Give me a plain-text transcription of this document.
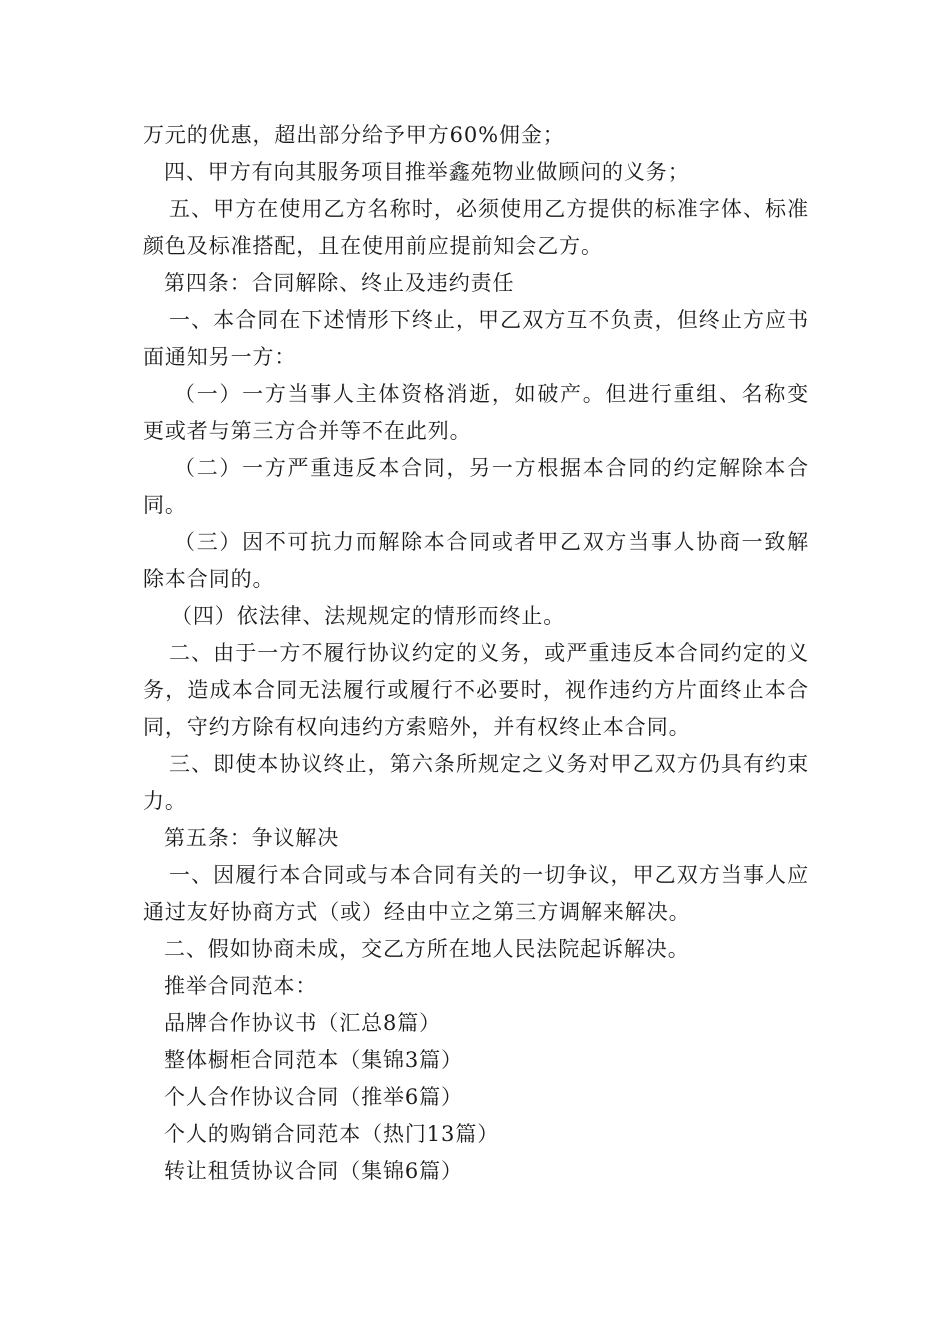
万元的优惠，超出部分给予甲方60%佣金；

四、甲方有向其服务项目推举鑫苑物业做顾问的义务；

五、甲方在使用乙方名称时，必须使用乙方提供的标准字体、标准颜色及标准搭配，且在使用前应提前知会乙方。

第四条：合同解除、终止及违约责任

一、本合同在下述情形下终止，甲乙双方互不负责，但终止方应书面通知另一方：

（一）一方当事人主体资格消逝，如破产。但进行重组、名称变更或者与第三方合并等不在此列。

（二）一方严重违反本合同，另一方根据本合同的约定解除本合同。

（三）因不可抗力而解除本合同或者甲乙双方当事人协商一致解除本合同的。

（四）依法律、法规规定的情形而终止。

二、由于一方不履行协议约定的义务，或严重违反本合同约定的义务，造成本合同无法履行或履行不必要时，视作违约方片面终止本合同，守约方除有权向违约方索赔外，并有权终止本合同。

三、即使本协议终止，第六条所规定之义务对甲乙双方仍具有约束力。

第五条：争议解决

一、因履行本合同或与本合同有关的一切争议，甲乙双方当事人应通过友好协商方式（或）经由中立之第三方调解来解决。

二、假如协商未成，交乙方所在地人民法院起诉解决。

推举合同范本：

品牌合作协议书（汇总8篇）

整体橱柜合同范本（集锦3篇）

个人合作协议合同（推举6篇）

个人的购销合同范本（热门13篇）

转让租赁协议合同（集锦6篇）
